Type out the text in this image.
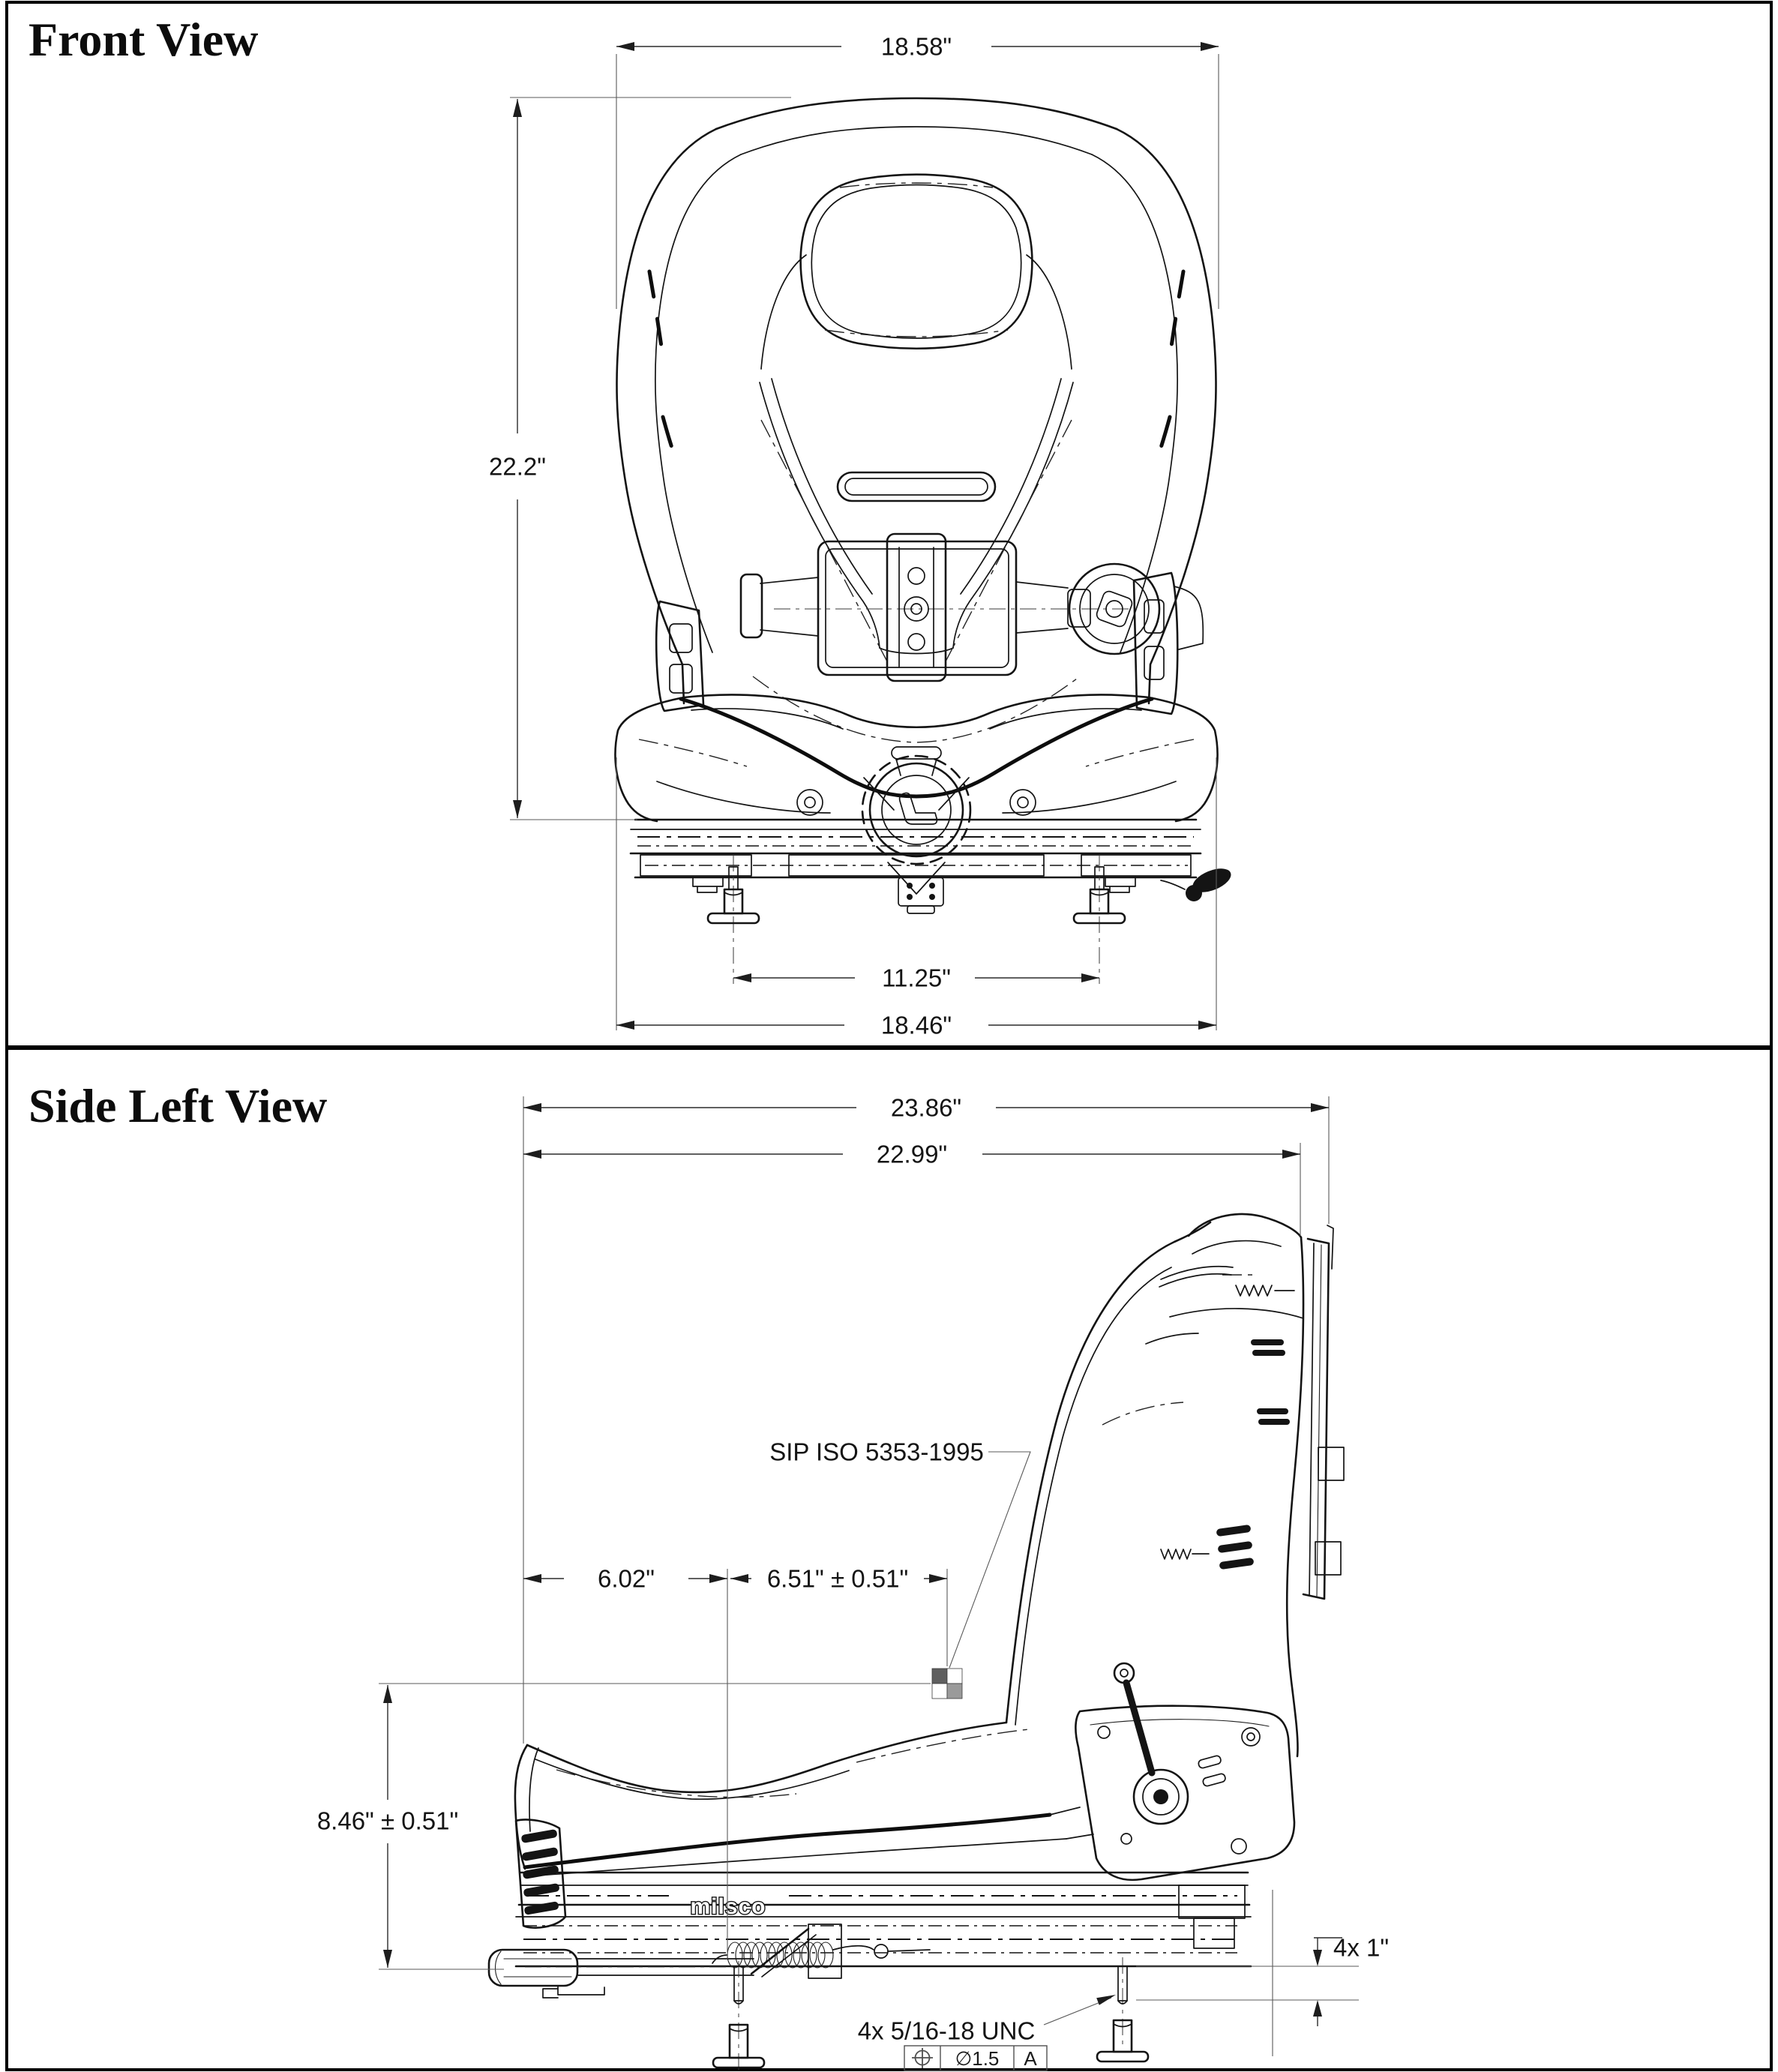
Front View	18.58"
22.2"
11.25"
18.46"
Side Left View
milsco
23.86"
22.99"
SIP ISO 5353-1995
6.02"	6.51" ± 0.51"
8.46" ± 0.51"
4x 1"
4x 5/16-18 UNC
∅1.5 A
